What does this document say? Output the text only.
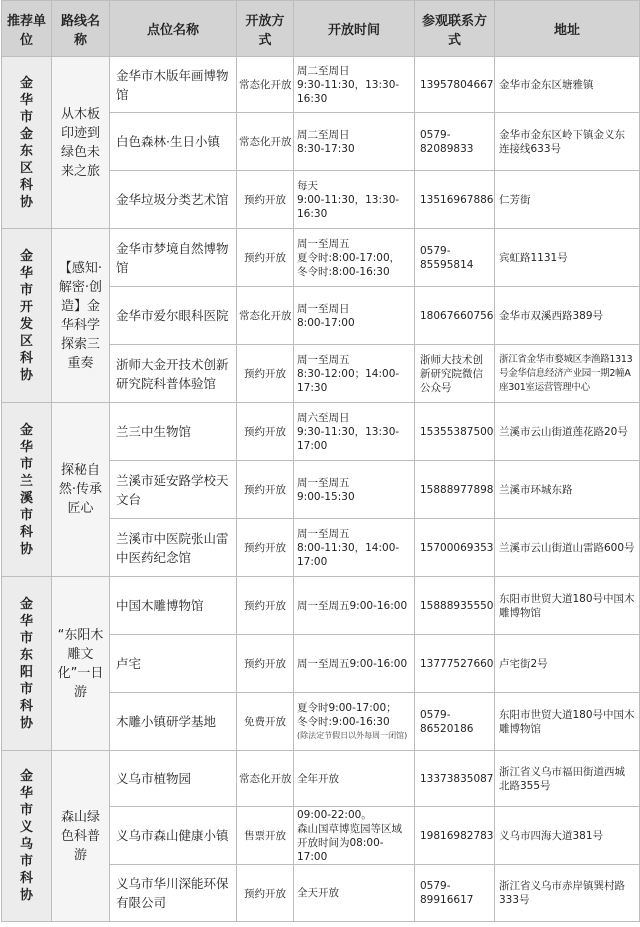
推荐单位	路线名称	点位名称	开放方式	开放时间	参观联系方式	地址
金华市金东区科协	从木板印迹到绿色未来之旅	金华市木版年画博物馆	常态化开放	周二至周日
9:30-11:30，13:30-16:30	13957804667	金华市金东区塘雅镇
		白色森林·生日小镇	常态化开放	周二至周日
8:30-17:30	0579-82089833	金华市金东区岭下镇金义东连接线633号
		金华垃圾分类艺术馆	预约开放	每天
9:00-11:30，13:30-16:30	13516967886	仁芳街
金华市开发区科协	【感知·解密·创造】金华科学探索三重奏	金华市梦境自然博物馆	预约开放	周一至周五
夏令时:8:00-17:00，
冬令时:8:00-16:30	0579-85595814	宾虹路1131号
		金华市爱尔眼科医院	常态化开放	周一至周日
8:00-17:00	18067660756	金华市双溪西路389号
		浙师大金开技术创新研究院科普体验馆	预约开放	周一至周五
8:30-12:00；14:00-17:30	浙师大技术创新研究院微信公众号	浙江省金华市婺城区李渔路1313号金华信息经济产业园一期2幢A座301室运营管理中心
金华市兰溪市科协	探秘自然·传承匠心	兰三中生物馆	预约开放	周六至周日
9:30-11:30，13:30-17:00	15355387500	兰溪市云山街道莲花路20号
		兰溪市延安路学校天文台	预约开放	周一至周五
9:00-15:30	15888977898	兰溪市环城东路
		兰溪市中医院张山雷中医药纪念馆	预约开放	周一至周五
8:00-11:30，14:00-17:00	15700069353	兰溪市云山街道山雷路600号
金华市东阳市科协	“东阳木雕文化”一日游	中国木雕博物馆	预约开放	周一至周五9:00-16:00	15888935550	东阳市世贸大道180号中国木雕博物馆
		卢宅	预约开放	周一至周五9:00-16:00	13777527660	卢宅街2号
		木雕小镇研学基地	免费开放	夏令时9:00-17:00；
冬令时:9:00-16:30
(除法定节假日以外每周一闭馆)	0579-86520186	东阳市世贸大道180号中国木雕博物馆
金华市义乌市科协	森山绿色科普游	义乌市植物园	常态化开放	全年开放	13373835087	浙江省义乌市福田街道西城北路355号
		义乌市森山健康小镇	售票开放	09:00-22:00。
森山国草博览园等区域开放时间为08:00-17:00	19816982783	义乌市四海大道381号
		义乌市华川深能环保有限公司	预约开放	全天开放	0579-89916617	浙江省义乌市赤岸镇巽村路333号
